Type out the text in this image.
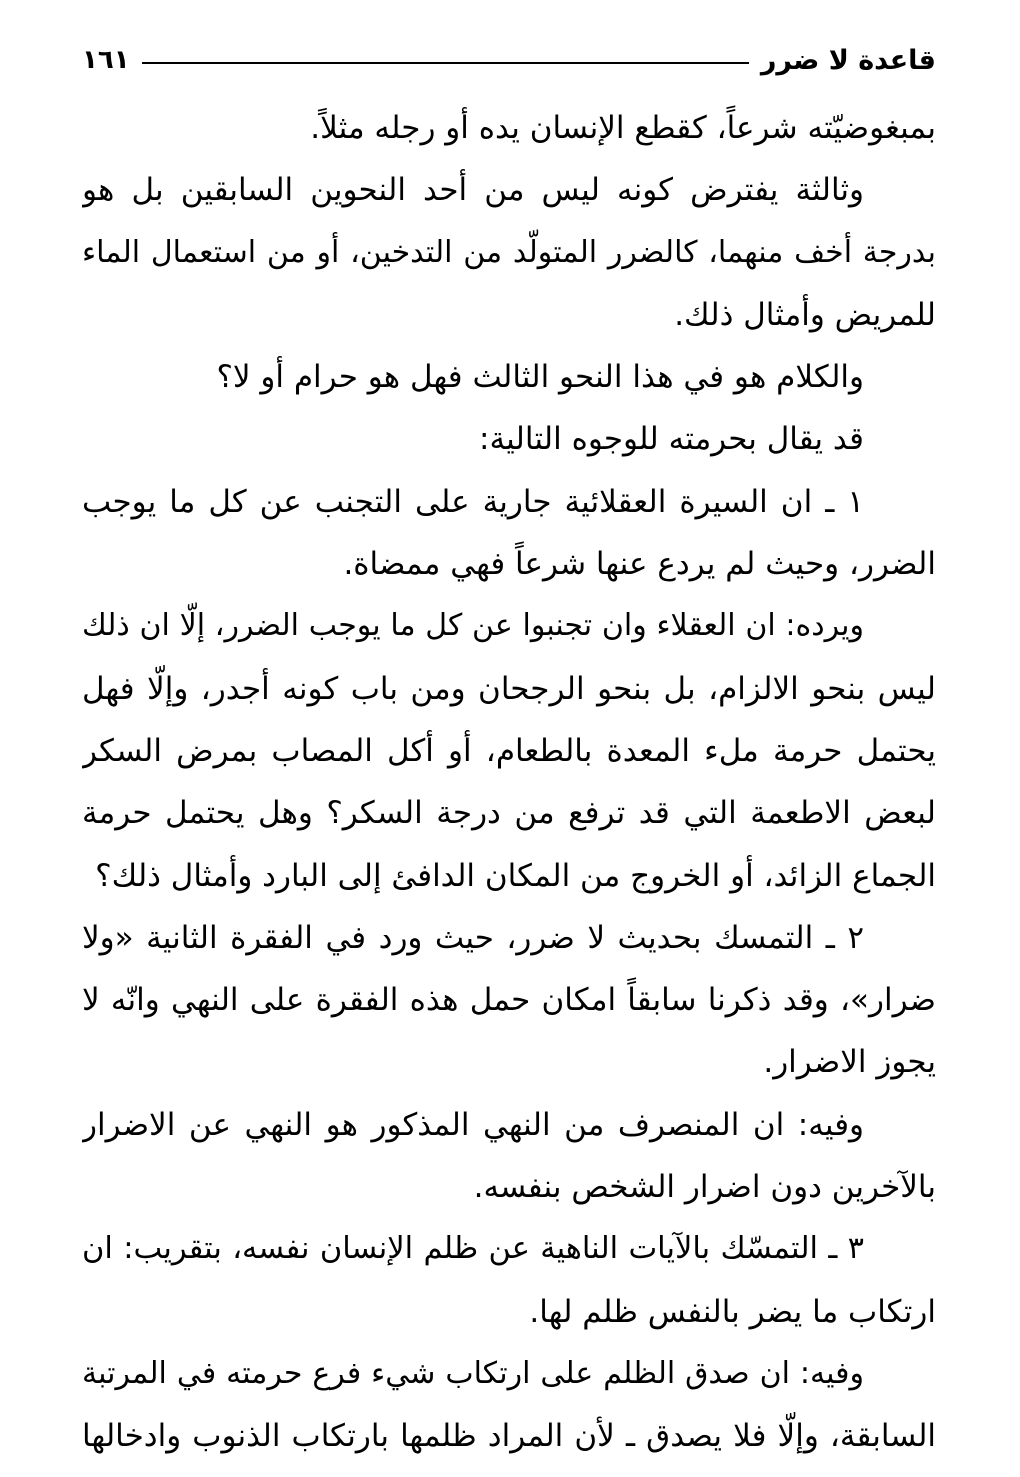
قاعدة لا ضرر
١٦١
بمبغوضيّته شرعاً، كقطع الإنسان يده أو رجله مثلاً.
وثالثة يفترض كونه ليس من أحد النحوين السابقين بل هو
بدرجة أخف منهما، كالضرر المتولّد من التدخين، أو من استعمال الماء
للمريض وأمثال ذلك.
والكلام هو في هذا النحو الثالث فهل هو حرام أو لا؟
قد يقال بحرمته للوجوه التالية:
١ ـ ان السيرة العقلائية جارية على التجنب عن كل ما يوجب
الضرر، وحيث لم يردع عنها شرعاً فهي ممضاة.
ويرده: ان العقلاء وان تجنبوا عن كل ما يوجب الضرر، إلّا ان ذلك
ليس بنحو الالزام، بل بنحو الرجحان ومن باب كونه أجدر، وإلّا فهل
يحتمل حرمة ملء المعدة بالطعام، أو أكل المصاب بمرض السكر
لبعض الاطعمة التي قد ترفع من درجة السكر؟ وهل يحتمل حرمة
الجماع الزائد، أو الخروج من المكان الدافئ إلى البارد وأمثال ذلك؟
٢ ـ التمسك بحديث لا ضرر، حيث ورد في الفقرة الثانية «ولا
ضرار»، وقد ذكرنا سابقاً امكان حمل هذه الفقرة على النهي وانّه لا
يجوز الاضرار.
وفيه: ان المنصرف من النهي المذكور هو النهي عن الاضرار
بالآخرين دون اضرار الشخص بنفسه.
٣ ـ التمسّك بالآيات الناهية عن ظلم الإنسان نفسه، بتقريب: ان
ارتكاب ما يضر بالنفس ظلم لها.
وفيه: ان صدق الظلم على ارتكاب شيء فرع حرمته في المرتبة
السابقة، وإلّا فلا يصدق ـ لأن المراد ظلمها بارتكاب الذنوب وادخالها
